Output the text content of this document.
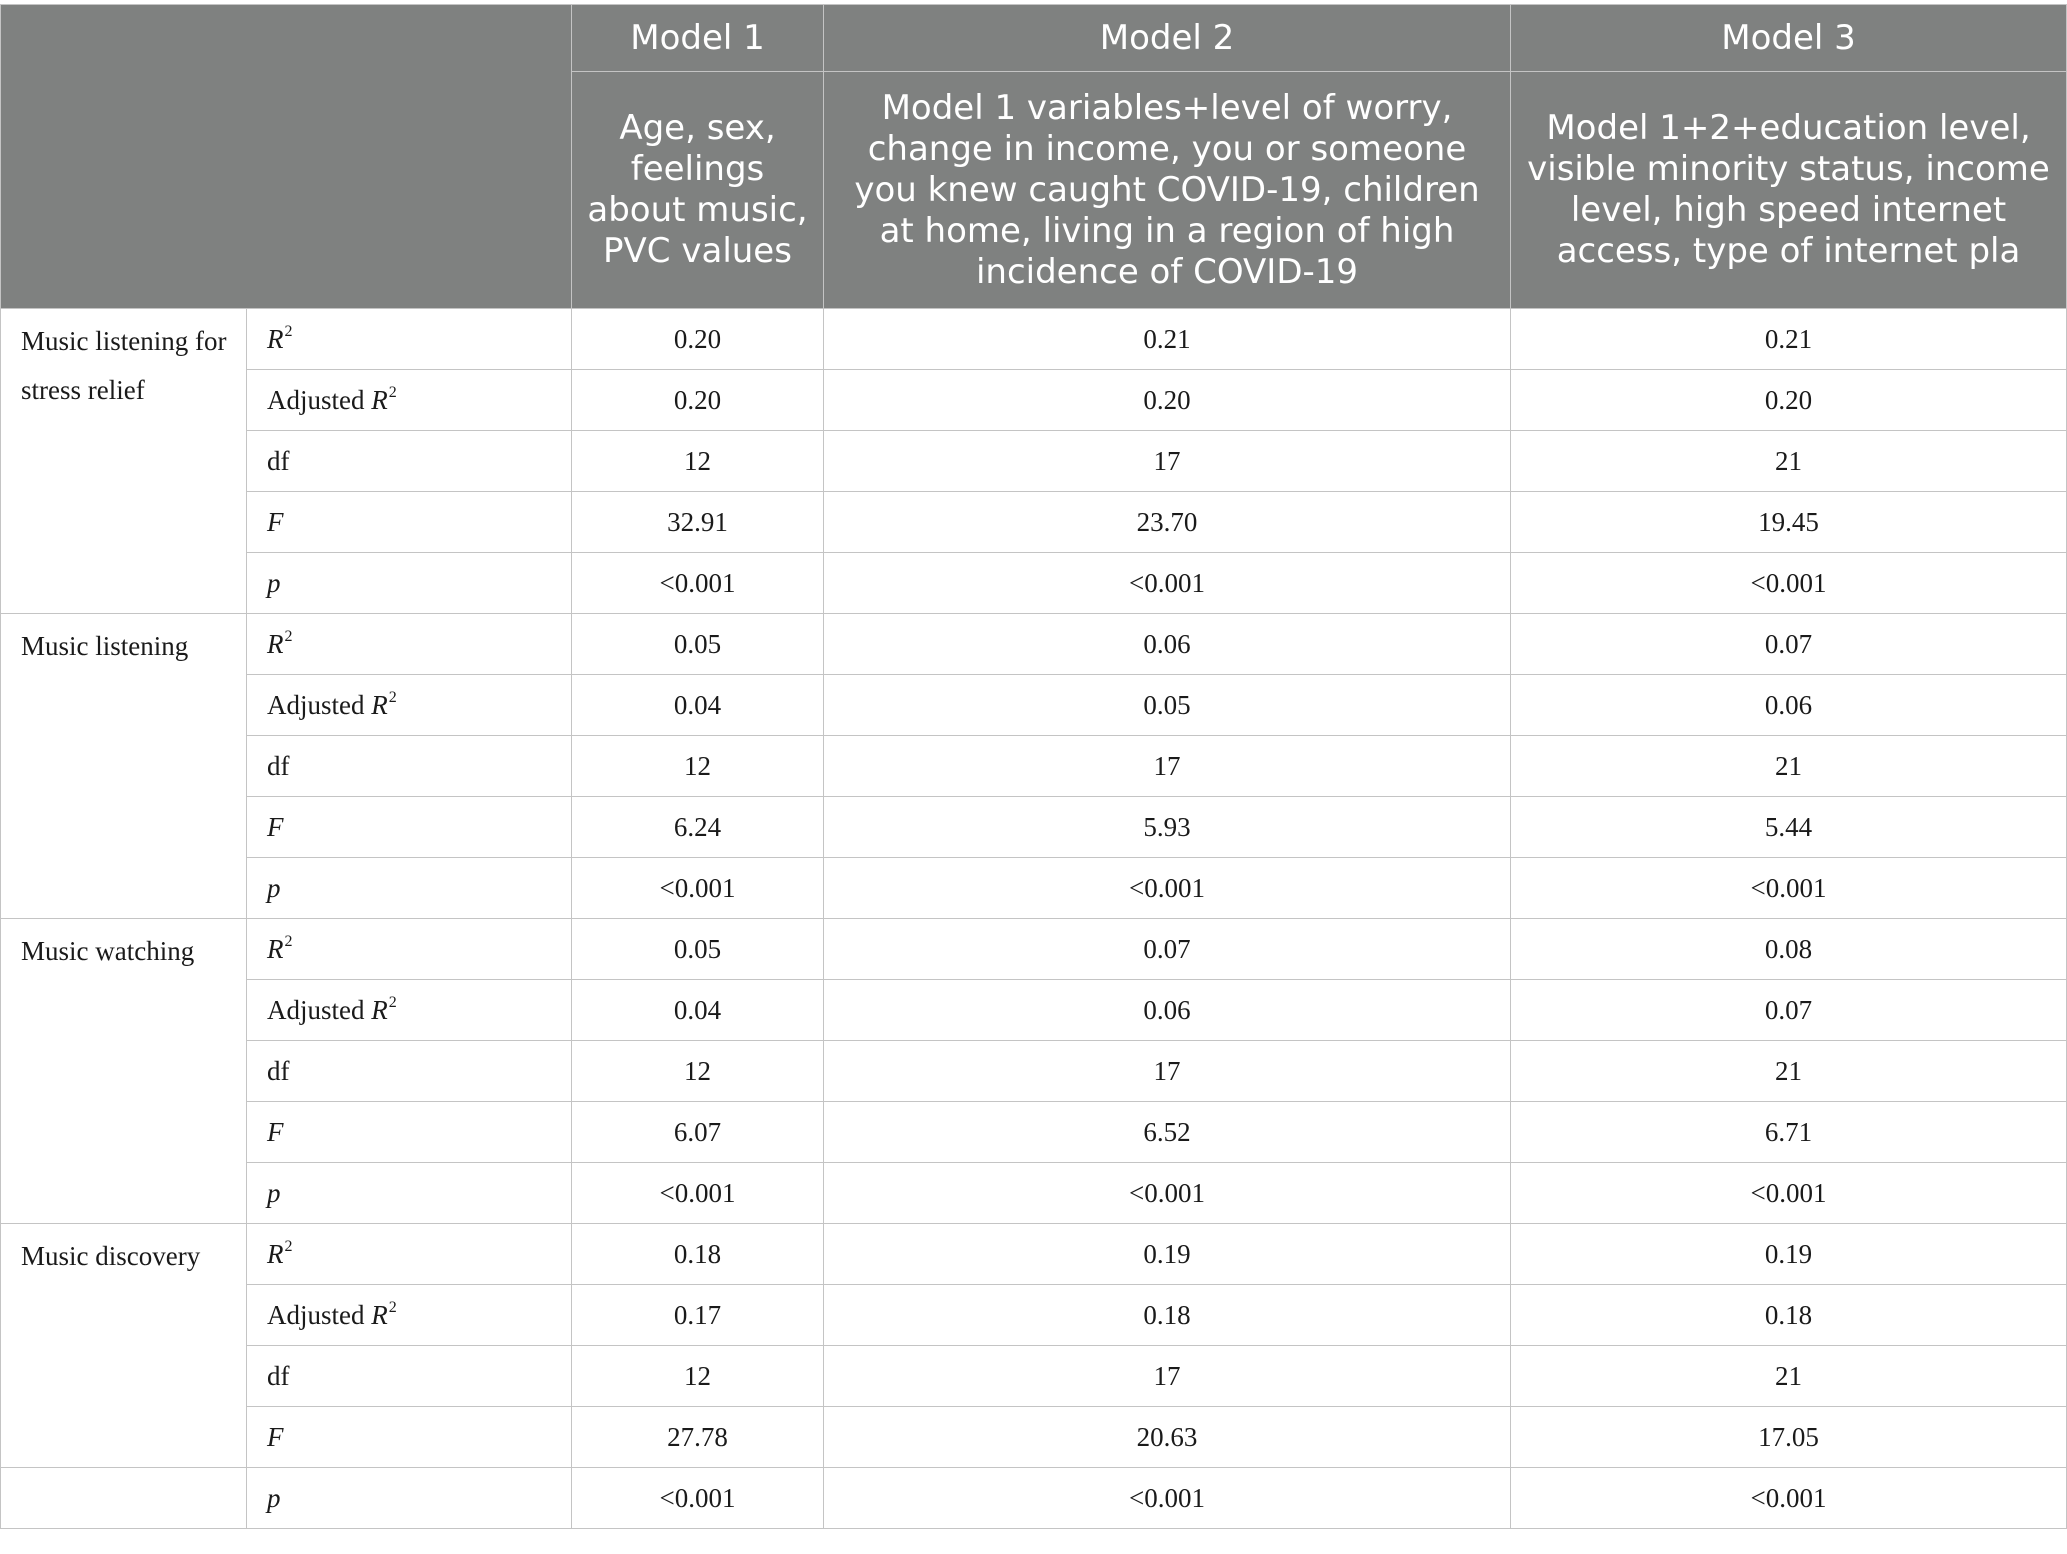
		Model 1	Model 2	Model 3
		Age, sex, feelings about music, PVC values	Model 1 variables+level of worry, change in income, you or someone you knew caught COVID-19, children at home, living in a region of high incidence of COVID-19	Model 1+2+education level, visible minority status, income level, high speed internet access, type of internet pla
Music listening for stress relief	$R^2$	0.20	0.21	0.21
	Adjusted $R^2$	0.20	0.20	0.20
	df	12	17	21
	F	32.91	23.70	19.45
	p	<0.001	<0.001	<0.001
Music listening	$R^2$	0.05	0.06	0.07
	Adjusted $R^2$	0.04	0.05	0.06
	df	12	17	21
	F	6.24	5.93	5.44
	p	<0.001	<0.001	<0.001
Music watching	$R^2$	0.05	0.07	0.08
	Adjusted $R^2$	0.04	0.06	0.07
	df	12	17	21
	F	6.07	6.52	6.71
	p	<0.001	<0.001	<0.001
Music discovery	$R^2$	0.18	0.19	0.19
	Adjusted $R^2$	0.17	0.18	0.18
	df	12	17	21
	F	27.78	20.63	17.05
	p	<0.001	<0.001	<0.001
